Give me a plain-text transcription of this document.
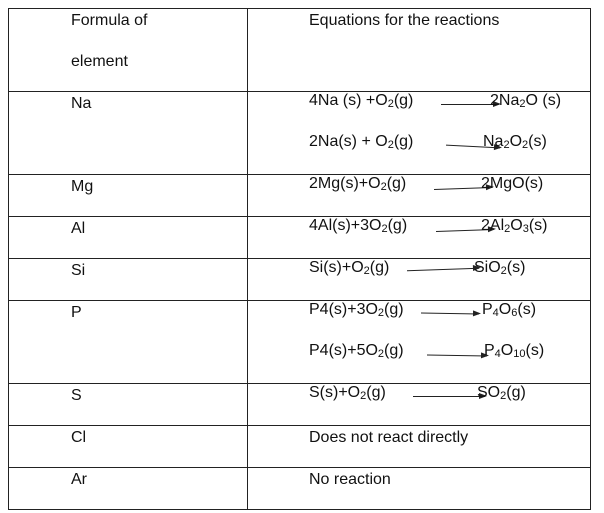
Formula of
element	Equations for the reactions

Na	4Na $(s) +O_2(g)$ $2Na_2O$ (s)
$2Na(s) + O_2(g)$ $Na_2O_2(s)$

Mg	$2Mg(s)+O_2(g)$ 2MgO(s)

Al	$4Al(s)+3O_2(g)$ $2Al_2O_3(s)$

Si	$Si(s)+O_2(g)$ SiO$_2$(s)

P	$P4(s)+3O_2(g)$ $P_4O_6(s)$
$P4(s)+5O_2(g)$ $P_4O_{10}(s)$

S	$S(s)+O_2(g)$ $SO_2(g)$

Cl	Does not react directly

Ar	No reaction
